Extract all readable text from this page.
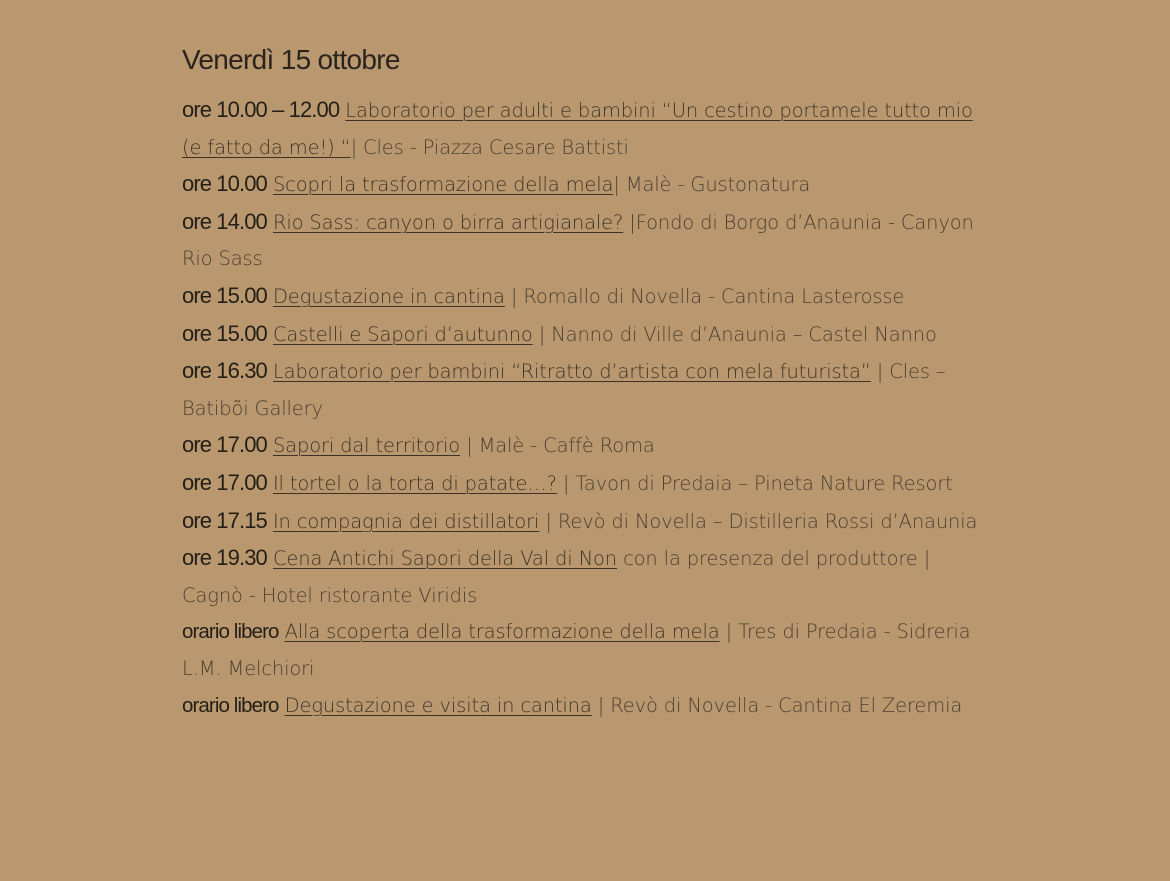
Venerdì 15 ottobre

ore 10.00 – 12.00 Laboratorio per adulti e bambini “Un cestino portamele tutto mio (e fatto da me!) “| Cles - Piazza Cesare Battisti

ore 10.00 Scopri la trasformazione della mela| Malè - Gustonatura

ore 14.00 Rio Sass: canyon o birra artigianale? |Fondo di Borgo d’Anaunia - Canyon Rio Sass

ore 15.00 Degustazione in cantina | Romallo di Novella - Cantina Lasterosse

ore 15.00 Castelli e Sapori d’autunno | Nanno di Ville d’Anaunia – Castel Nanno

ore 16.30 Laboratorio per bambini “Ritratto d’artista con mela futurista” | Cles – Batibõi Gallery

ore 17.00 Sapori dal territorio | Malè - Caffè Roma

ore 17.00 Il tortel o la torta di patate…? | Tavon di Predaia – Pineta Nature Resort

ore 17.15 In compagnia dei distillatori | Revò di Novella – Distilleria Rossi d’Anaunia

ore 19.30 Cena Antichi Sapori della Val di Non con la presenza del produttore | Cagnò - Hotel ristorante Viridis

orario libero Alla scoperta della trasformazione della mela | Tres di Predaia - Sidreria L.M. Melchiori

orario libero Degustazione e visita in cantina | Revò di Novella - Cantina El Zeremia
